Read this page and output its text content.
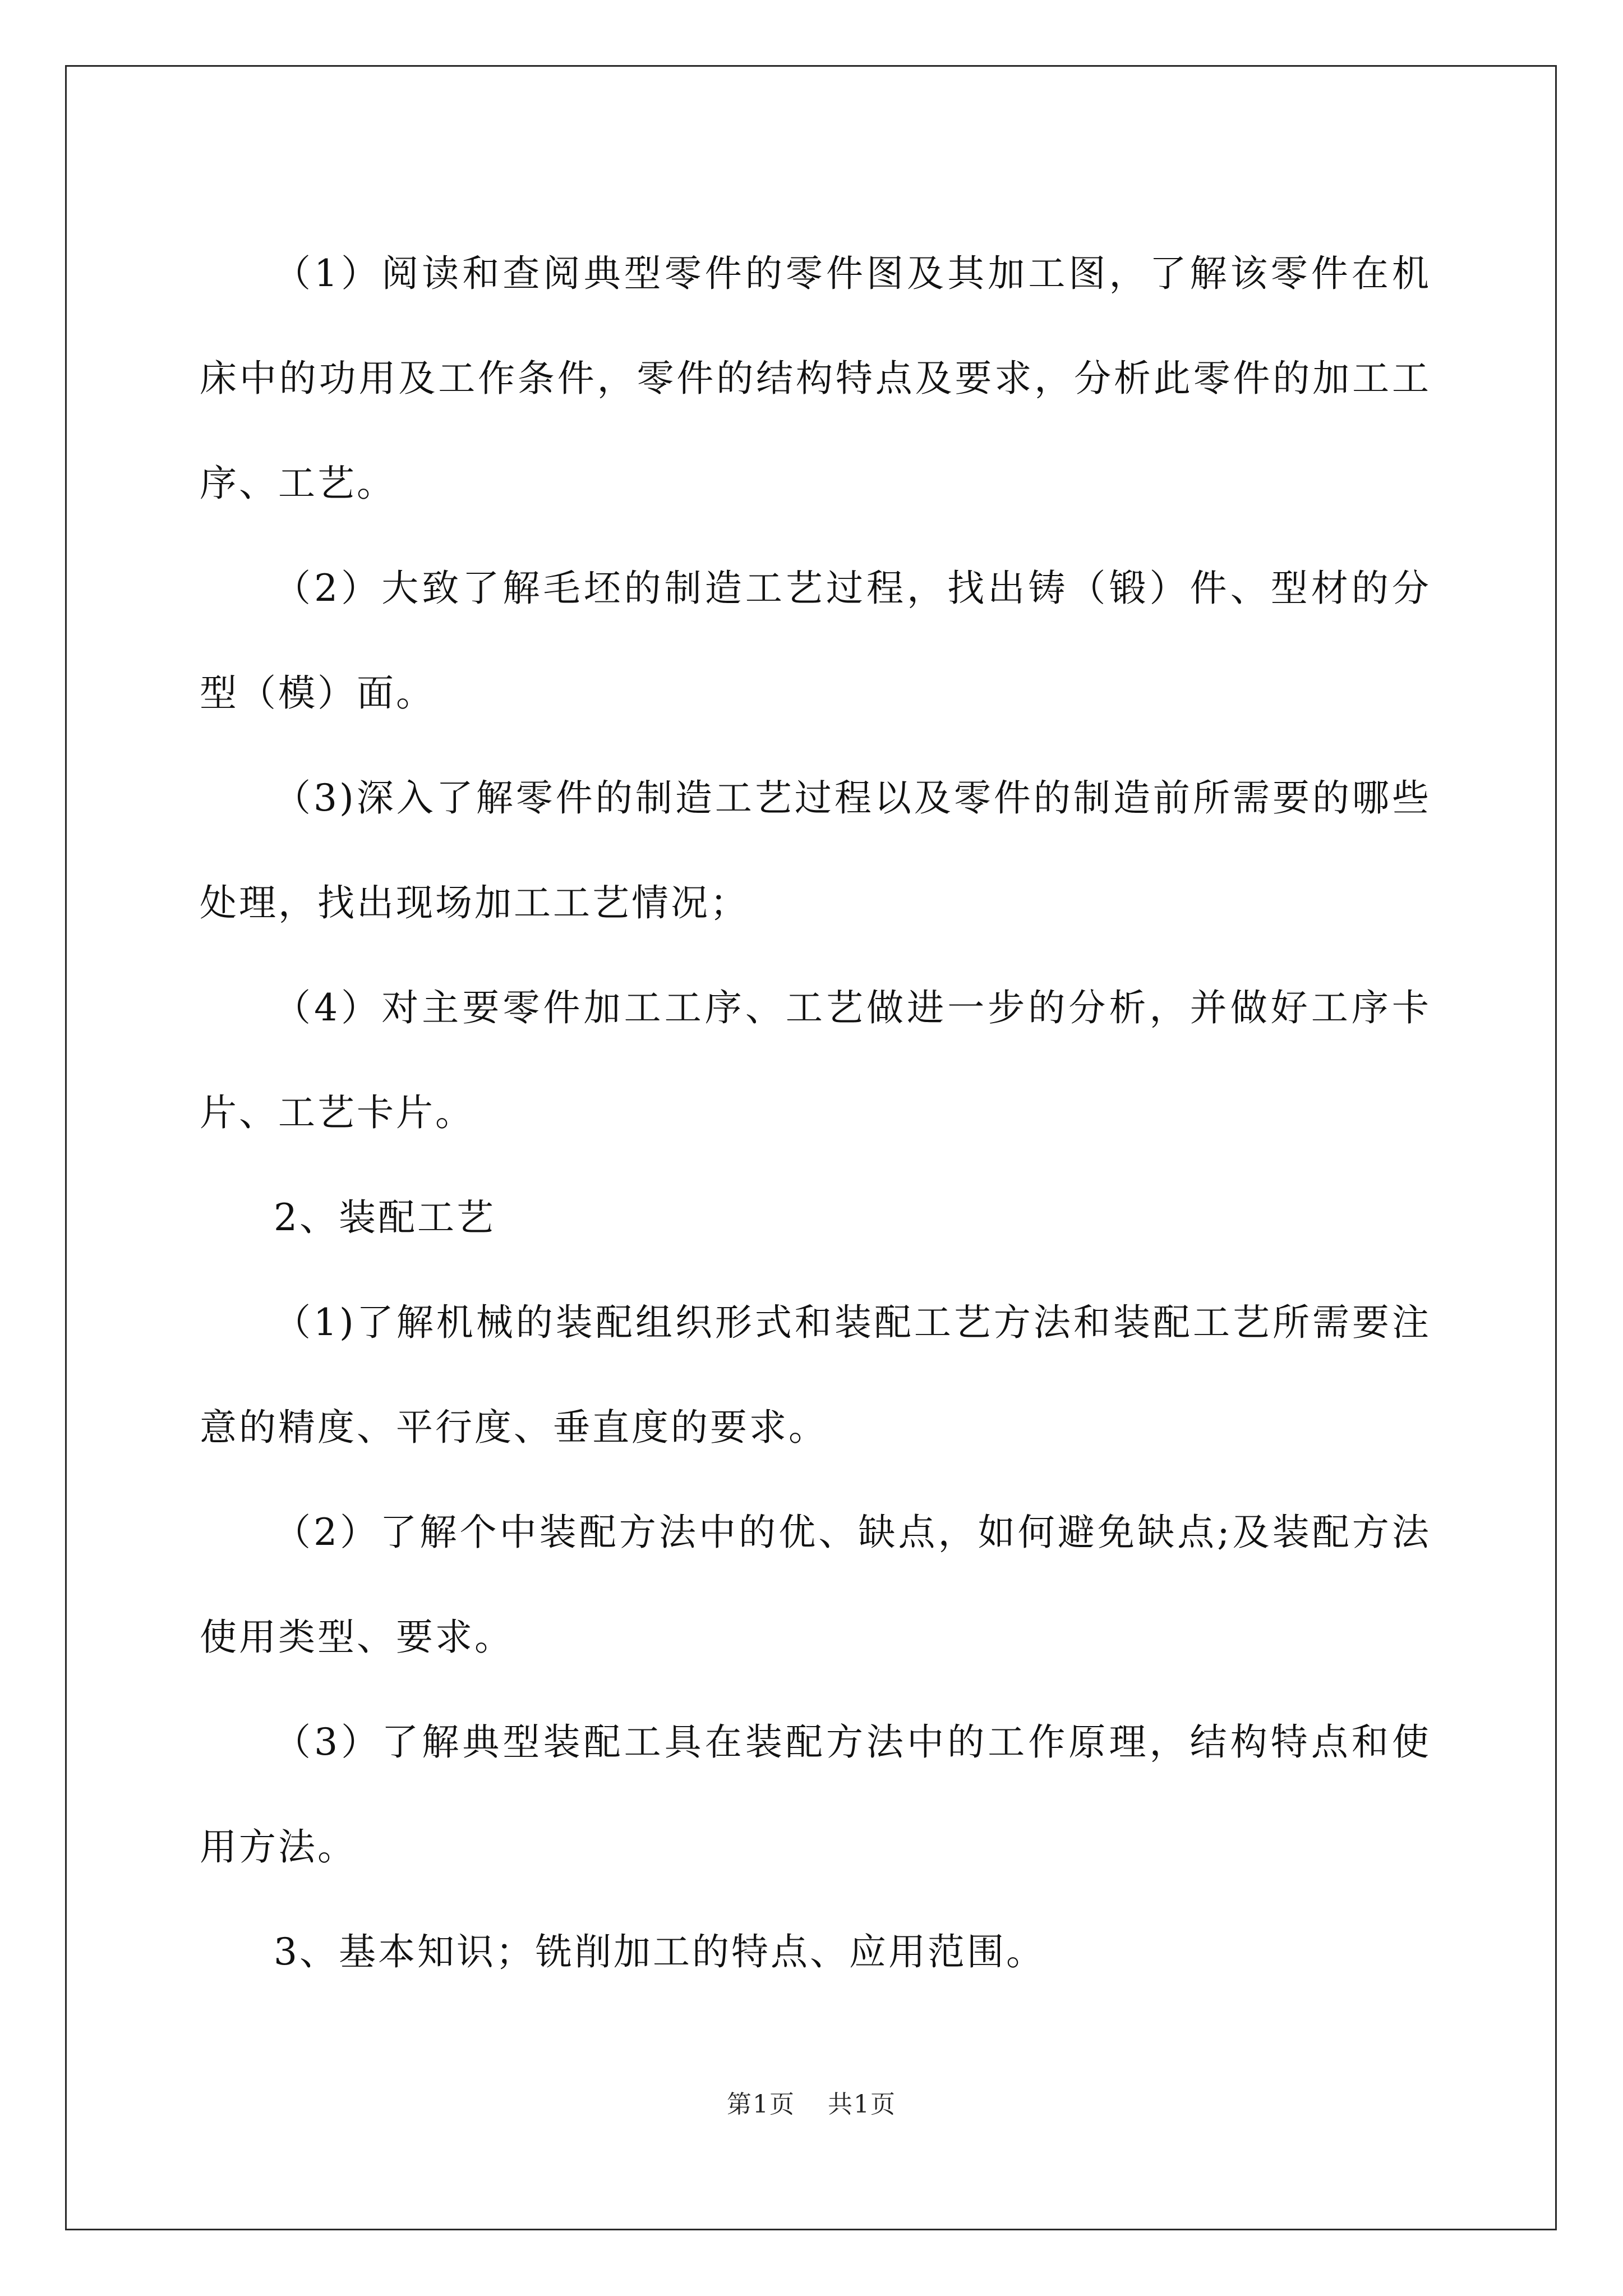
（1）阅读和查阅典型零件的零件图及其加工图，了解该零件在机床中的功用及工作条件，零件的结构特点及要求，分析此零件的加工工序、工艺。

（2）大致了解毛坯的制造工艺过程，找出铸（锻）件、型材的分型（模）面。

（3)深入了解零件的制造工艺过程以及零件的制造前所需要的哪些处理，找出现场加工工艺情况；

（4）对主要零件加工工序、工艺做进一步的分析，并做好工序卡片、工艺卡片。

2、装配工艺

（1)了解机械的装配组织形式和装配工艺方法和装配工艺所需要注意的精度、平行度、垂直度的要求。

（2）了解个中装配方法中的优、缺点，如何避免缺点;及装配方法使用类型、要求。

（3）了解典型装配工具在装配方法中的工作原理，结构特点和使用方法。

3、基本知识；铣削加工的特点、应用范围。

第1页 共1页
